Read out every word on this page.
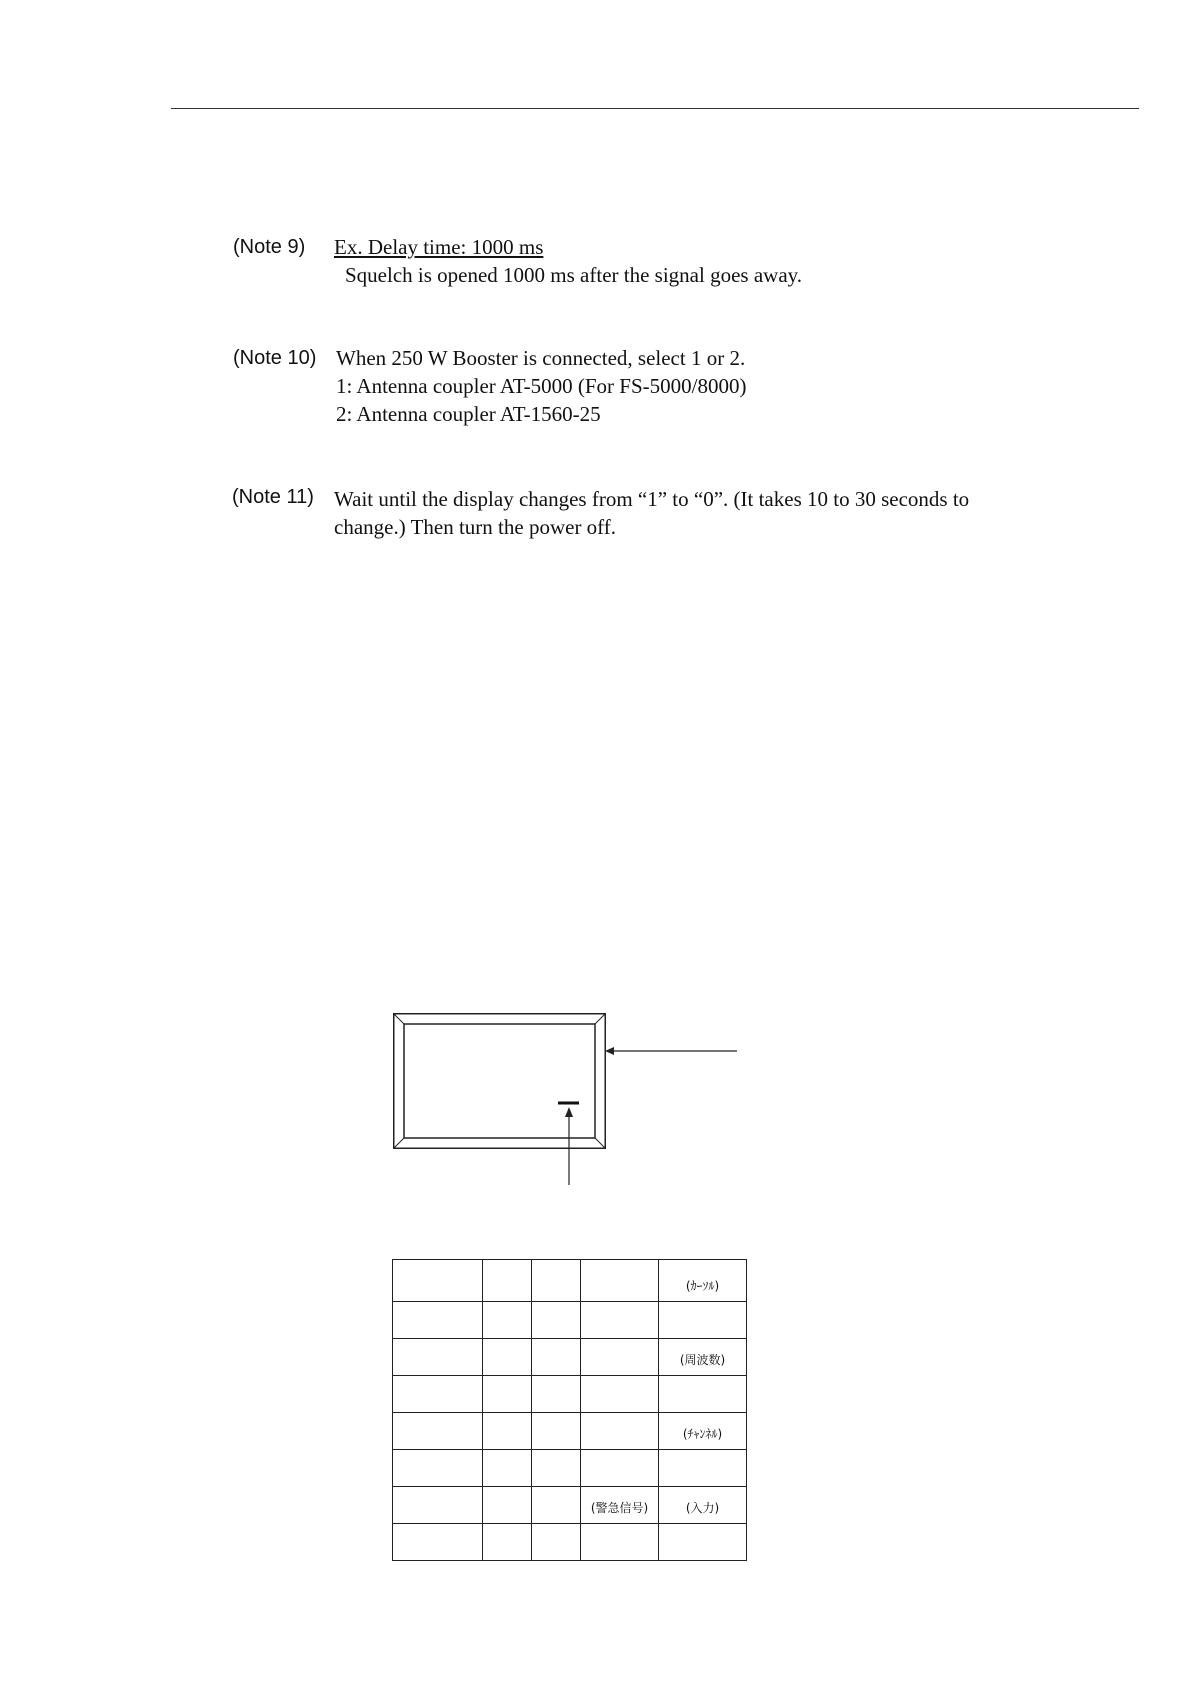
(Note 9) Ex. Delay time: 1000 ms
Squelch is opened 1000 ms after the signal goes away.
(Note 10) When 250 W Booster is connected, select 1 or 2.
1: Antenna coupler AT-5000 (For FS-5000/8000)
2: Antenna coupler AT-1560-25
(Note 11) Wait until the display changes from “1” to “0”. (It takes 10 to 30 seconds to
change.) Then turn the power off.

				(ｶｰｿﾙ)

				(周波数)

				(ﾁｬﾝﾈﾙ)

			(警急信号)	(入力)
